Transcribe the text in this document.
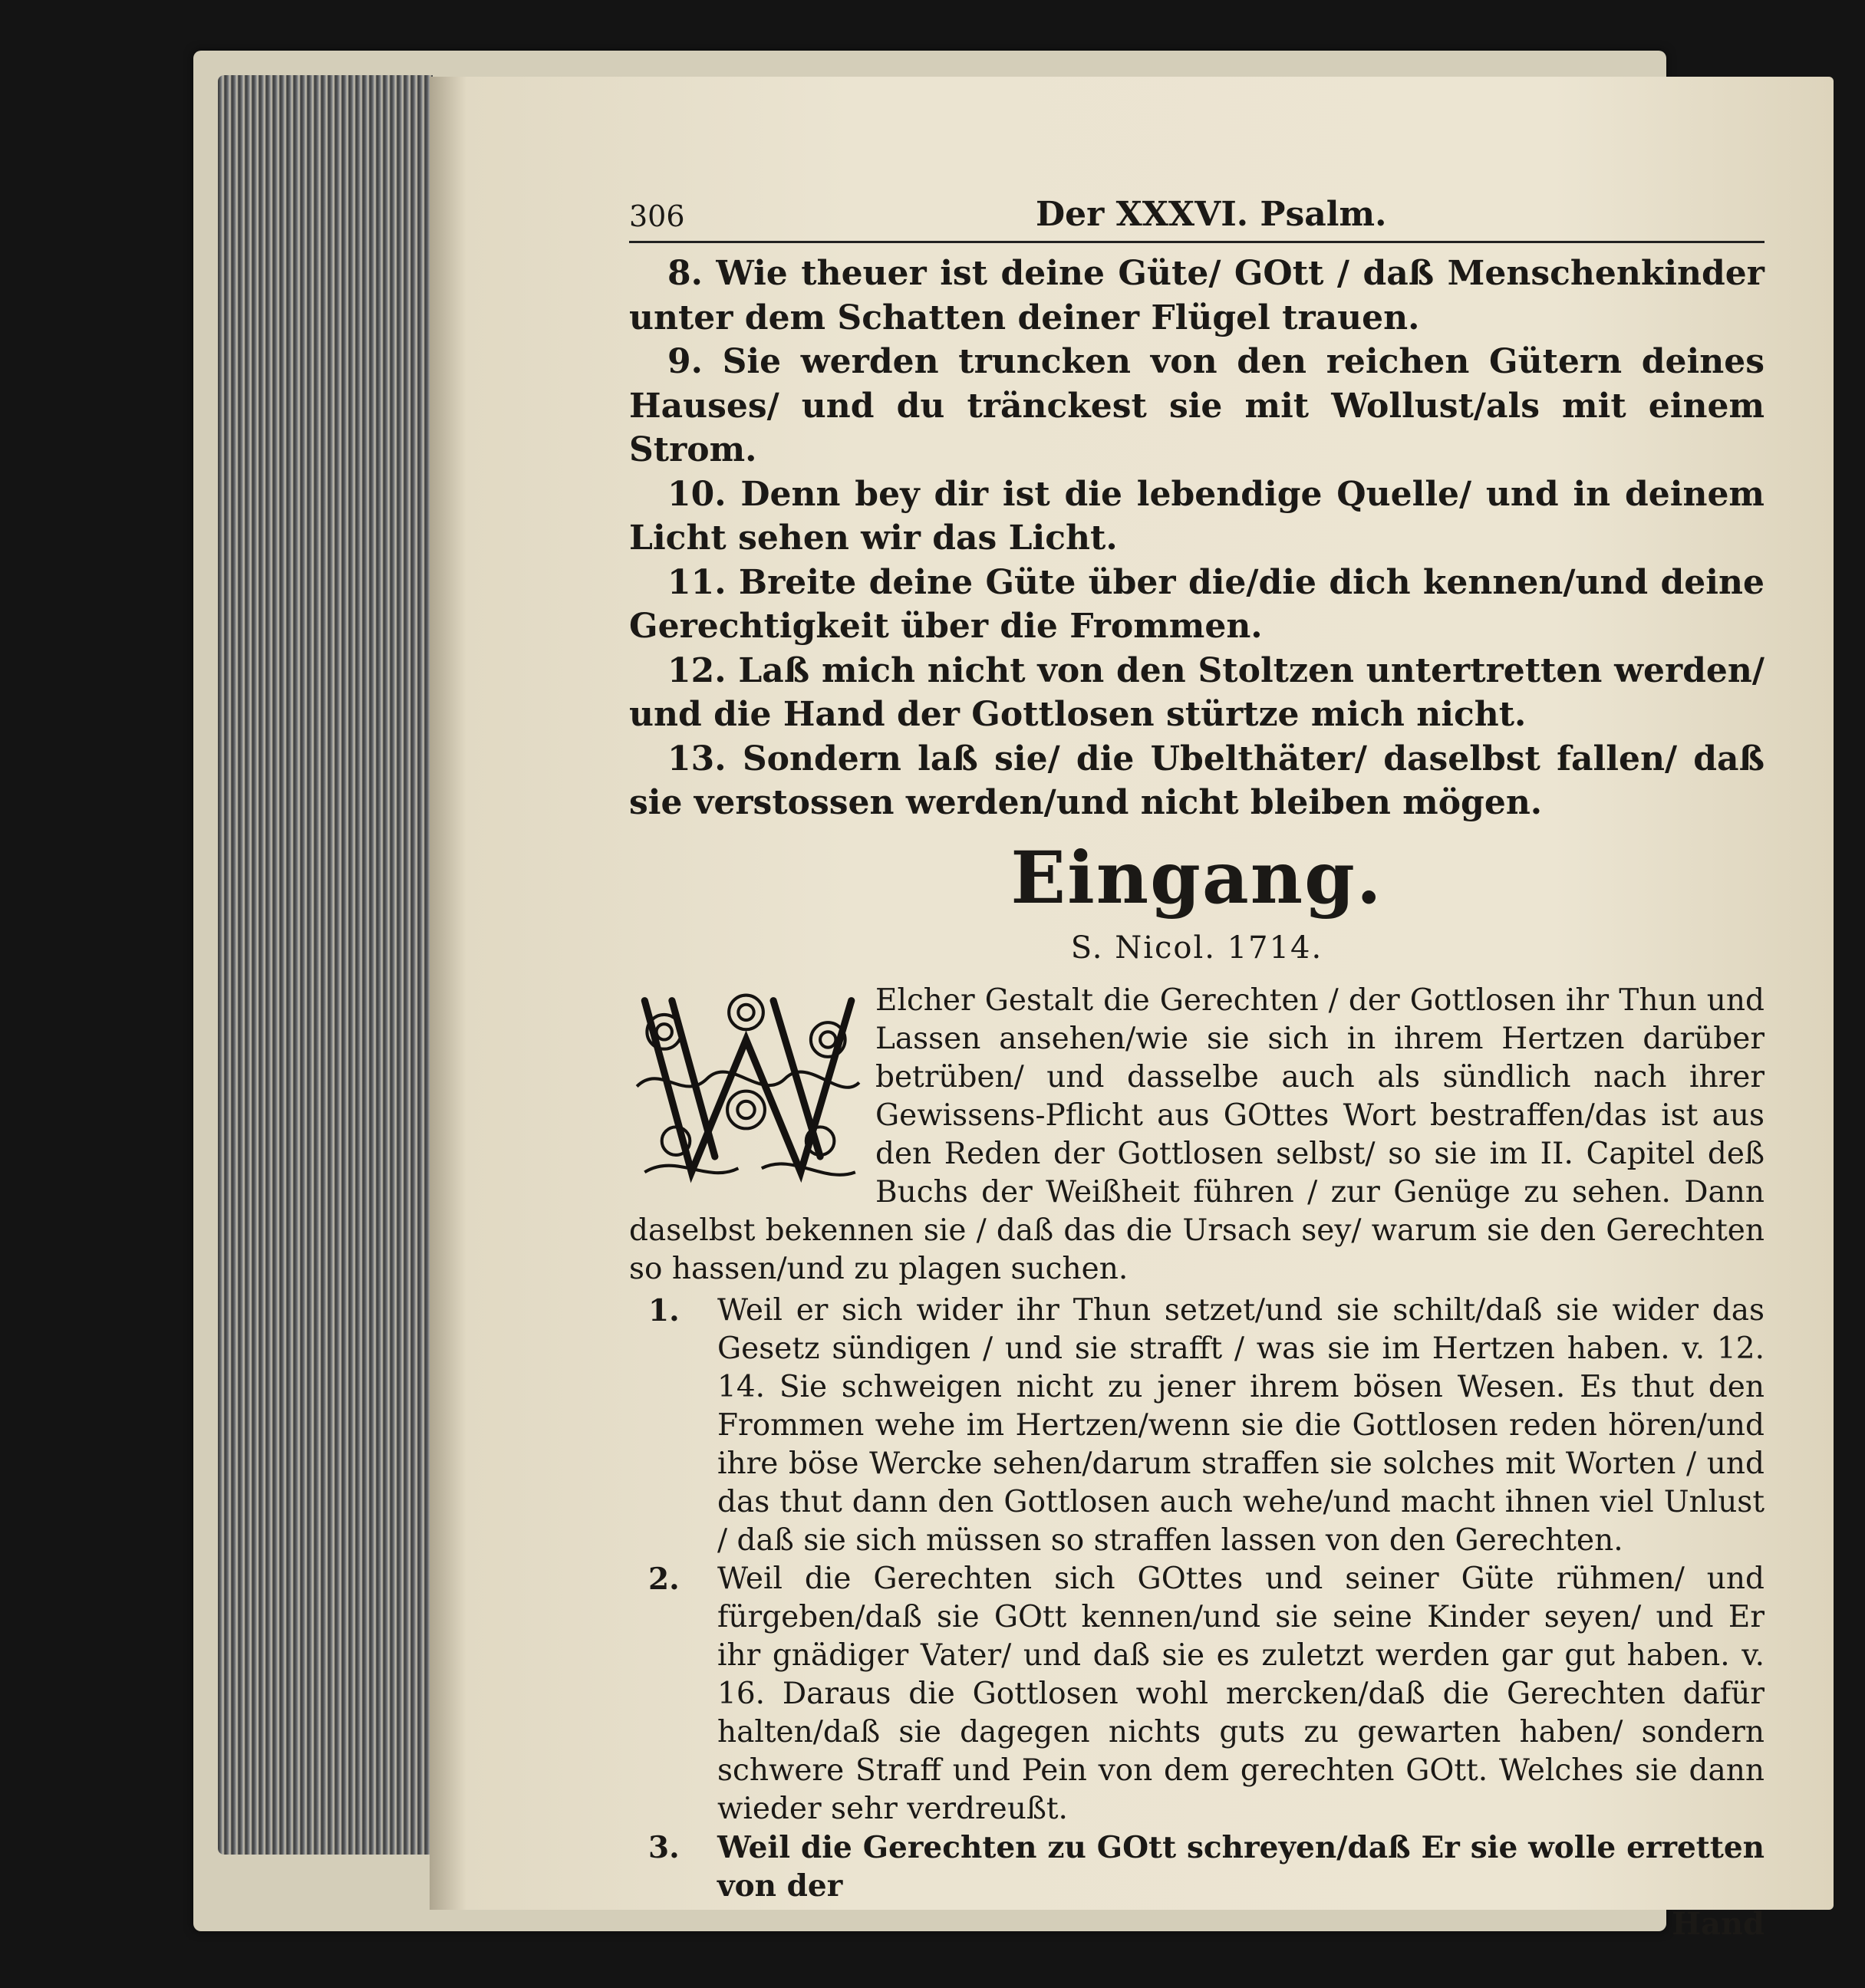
306	Der XXXVI. Psalm.

8. Wie theuer ist deine Güte/ GOtt / daß Menschenkinder unter dem Schatten deiner Flügel trauen.

9. Sie werden truncken von den reichen Gütern deines Hauses/ und du tränckest sie mit Wollust/als mit einem Strom.

10. Denn bey dir ist die lebendige Quelle/ und in deinem Licht sehen wir das Licht.

11. Breite deine Güte über die/die dich kennen/und deine Gerechtigkeit über die Frommen.

12. Laß mich nicht von den Stoltzen untertretten werden/ und die Hand der Gottlosen stürtze mich nicht.

13. Sondern laß sie/ die Ubelthäter/ daselbst fallen/ daß sie verstossen werden/und nicht bleiben mögen.

Eingang.
S. Nicol. 1714.
Elcher Gestalt die Gerechten / der Gottlosen ihr Thun und Lassen ansehen/wie sie sich in ihrem Hertzen darüber betrüben/ und dasselbe auch als sündlich nach ihrer Gewissens-Pflicht aus GOttes Wort bestraffen/das ist aus den Reden der Gottlosen selbst/ so sie im II. Capitel deß Buchs der Weißheit führen / zur Genüge zu sehen. Dann daselbst bekennen sie / daß das die Ursach sey/ warum sie den Gerechten so hassen/und zu plagen suchen.
1. Weil er sich wider ihr Thun setzet/und sie schilt/daß sie wider das Gesetz sündigen / und sie strafft / was sie im Hertzen haben. v. 12. 14. Sie schweigen nicht zu jener ihrem bösen Wesen. Es thut den Frommen wehe im Hertzen/wenn sie die Gottlosen reden hören/und ihre böse Wercke sehen/darum straffen sie solches mit Worten / und das thut dann den Gottlosen auch wehe/und macht ihnen viel Unlust / daß sie sich müssen so straffen lassen von den Gerechten.
2. Weil die Gerechten sich GOttes und seiner Güte rühmen/ und fürgeben/daß sie GOtt kennen/und sie seine Kinder seyen/ und Er ihr gnädiger Vater/ und daß sie es zuletzt werden gar gut haben. v. 16. Daraus die Gottlosen wohl mercken/daß die Gerechten dafür halten/daß sie dagegen nichts guts zu gewarten haben/ sondern schwere Straff und Pein von dem gerechten GOtt. Welches sie dann wieder sehr verdreußt.
3. Weil die Gerechten zu GOtt schreyen/daß Er sie wolle erretten von der
Hand
